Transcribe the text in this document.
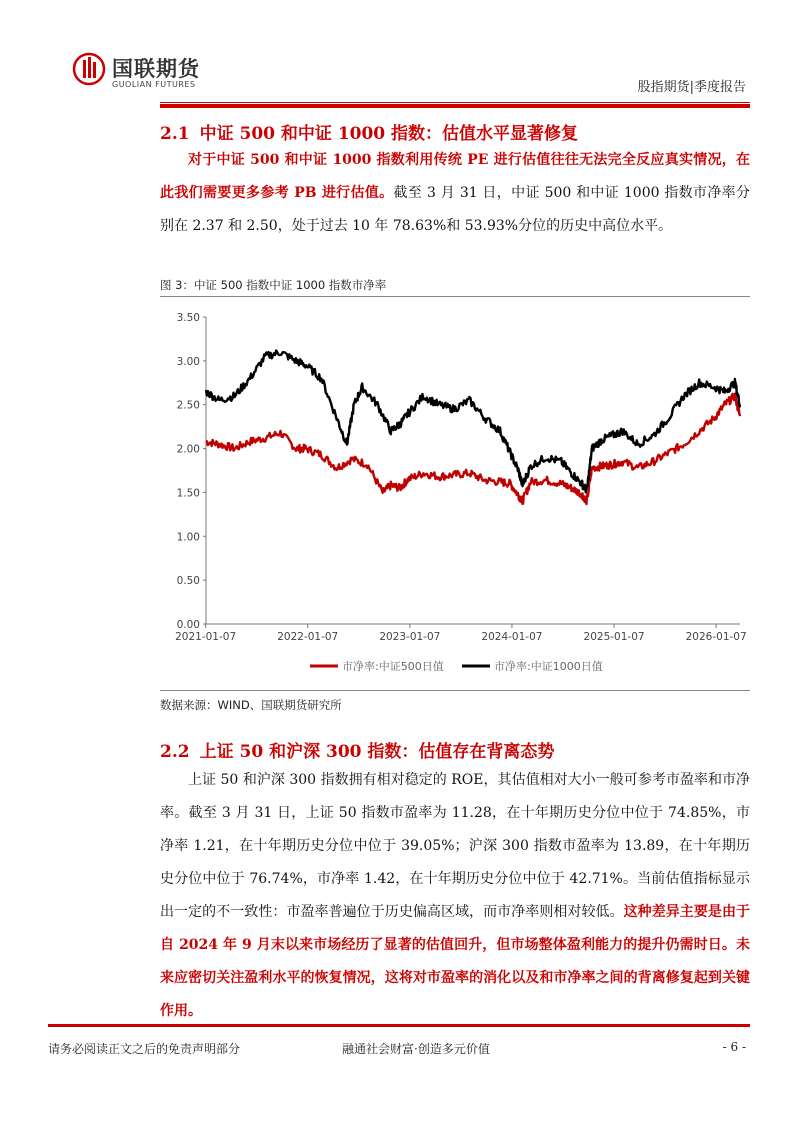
国联期货
GUOLIAN FUTURES	股指期货|季度报告
2.1 中证 500 和中证 1000 指数：估值水平显著修复
对于中证 500 和中证 1000 指数利用传统 PE 进行估值往往无法完全反应真实情况，在此我们需要更多参考 PB 进行估值。截至 3 月 31 日，中证 500 和中证 1000 指数市净率分别在 2.37 和 2.50，处于过去 10 年 78.63%和 53.93%分位的历史中高位水平。
图 3：中证 500 指数中证 1000 指数市净率
0.00
0.50
1.00
1.50
2.00
2.50
3.00
3.50
2021-01-07	2022-01-07	2023-01-07	2024-01-07	2025-01-07	2026-01-07
市净率:中证500日值	市净率:中证1000日值
数据来源：WIND、国联期货研究所
2.2 上证 50 和沪深 300 指数：估值存在背离态势
上证 50 和沪深 300 指数拥有相对稳定的 ROE，其估值相对大小一般可参考市盈率和市净率。截至 3 月 31 日，上证 50 指数市盈率为 11.28，在十年期历史分位中位于 74.85%，市净率 1.21，在十年期历史分位中位于 39.05%；沪深 300 指数市盈率为 13.89，在十年期历史分位中位于 76.74%，市净率 1.42，在十年期历史分位中位于 42.71%。当前估值指标显示出一定的不一致性：市盈率普遍位于历史偏高区域，而市净率则相对较低。这种差异主要是由于自 2024 年 9 月末以来市场经历了显著的估值回升，但市场整体盈利能力的提升仍需时日。未来应密切关注盈利水平的恢复情况，这将对市盈率的消化以及和市净率之间的背离修复起到关键作用。
请务必阅读正文之后的免责声明部分	融通社会财富·创造多元价值	- 6 -
